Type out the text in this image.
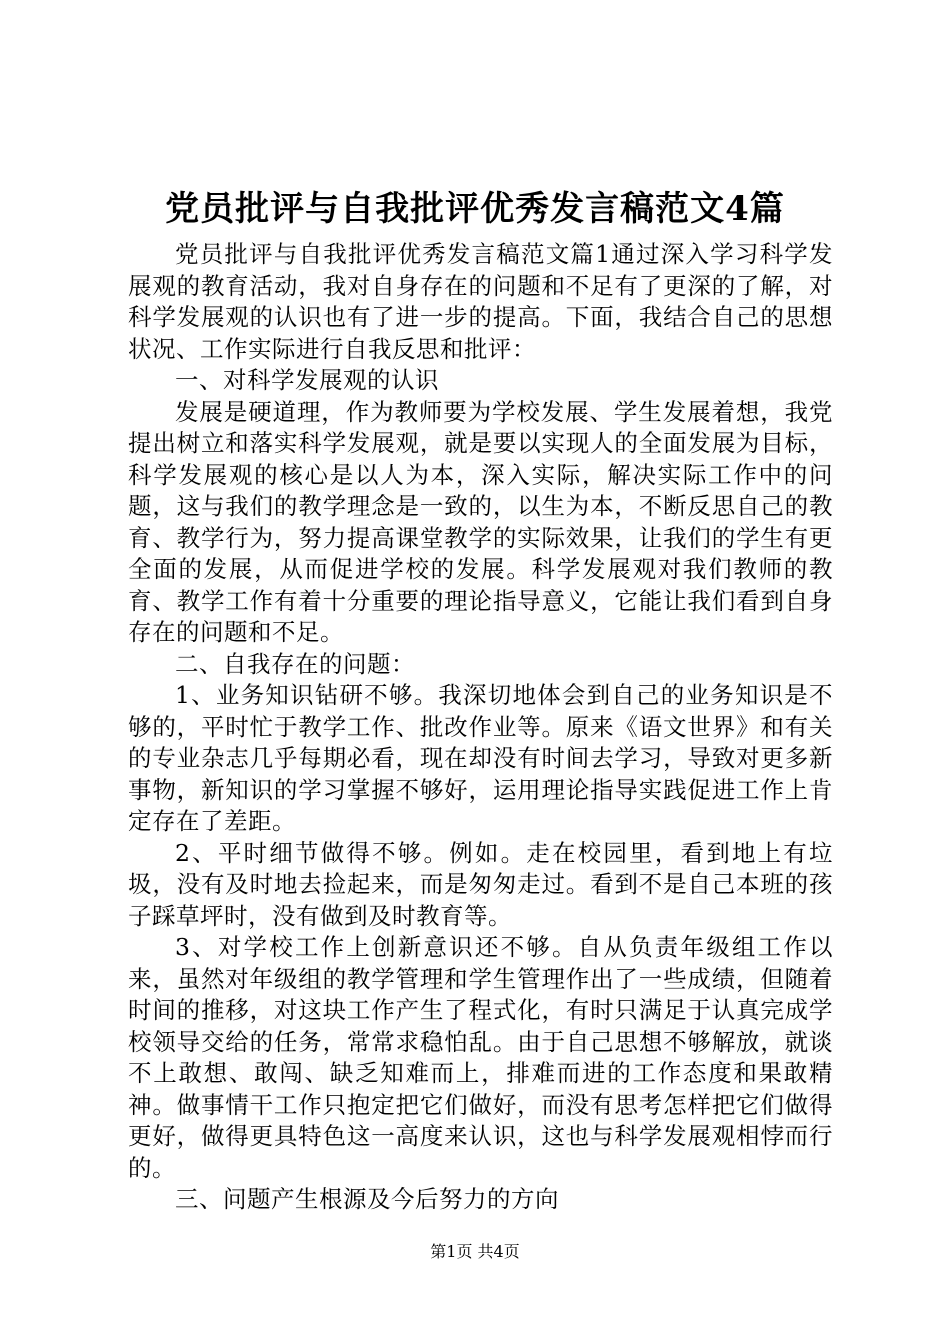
党员批评与自我批评优秀发言稿范文4篇

党员批评与自我批评优秀发言稿范文篇1通过深入学习科学发展观的教育活动，我对自身存在的问题和不足有了更深的了解，对科学发展观的认识也有了进一步的提高。下面，我结合自己的思想状况、工作实际进行自我反思和批评：

一、对科学发展观的认识

发展是硬道理，作为教师要为学校发展、学生发展着想，我党提出树立和落实科学发展观，就是要以实现人的全面发展为目标，科学发展观的核心是以人为本，深入实际，解决实际工作中的问题，这与我们的教学理念是一致的，以生为本，不断反思自己的教育、教学行为，努力提高课堂教学的实际效果，让我们的学生有更全面的发展，从而促进学校的发展。科学发展观对我们教师的教育、教学工作有着十分重要的理论指导意义，它能让我们看到自身存在的问题和不足。

二、自我存在的问题：

1、业务知识钻研不够。我深切地体会到自己的业务知识是不够的，平时忙于教学工作、批改作业等。原来《语文世界》和有关的专业杂志几乎每期必看，现在却没有时间去学习，导致对更多新事物，新知识的学习掌握不够好，运用理论指导实践促进工作上肯定存在了差距。

2、平时细节做得不够。例如。走在校园里，看到地上有垃圾，没有及时地去捡起来，而是匆匆走过。看到不是自己本班的孩子踩草坪时，没有做到及时教育等。

3、对学校工作上创新意识还不够。自从负责年级组工作以来，虽然对年级组的教学管理和学生管理作出了一些成绩，但随着时间的推移，对这块工作产生了程式化，有时只满足于认真完成学校领导交给的任务，常常求稳怕乱。由于自己思想不够解放，就谈不上敢想、敢闯、缺乏知难而上，排难而进的工作态度和果敢精神。做事情干工作只抱定把它们做好，而没有思考怎样把它们做得更好，做得更具特色这一高度来认识，这也与科学发展观相悖而行的。

三、问题产生根源及今后努力的方向

第1页 共4页
